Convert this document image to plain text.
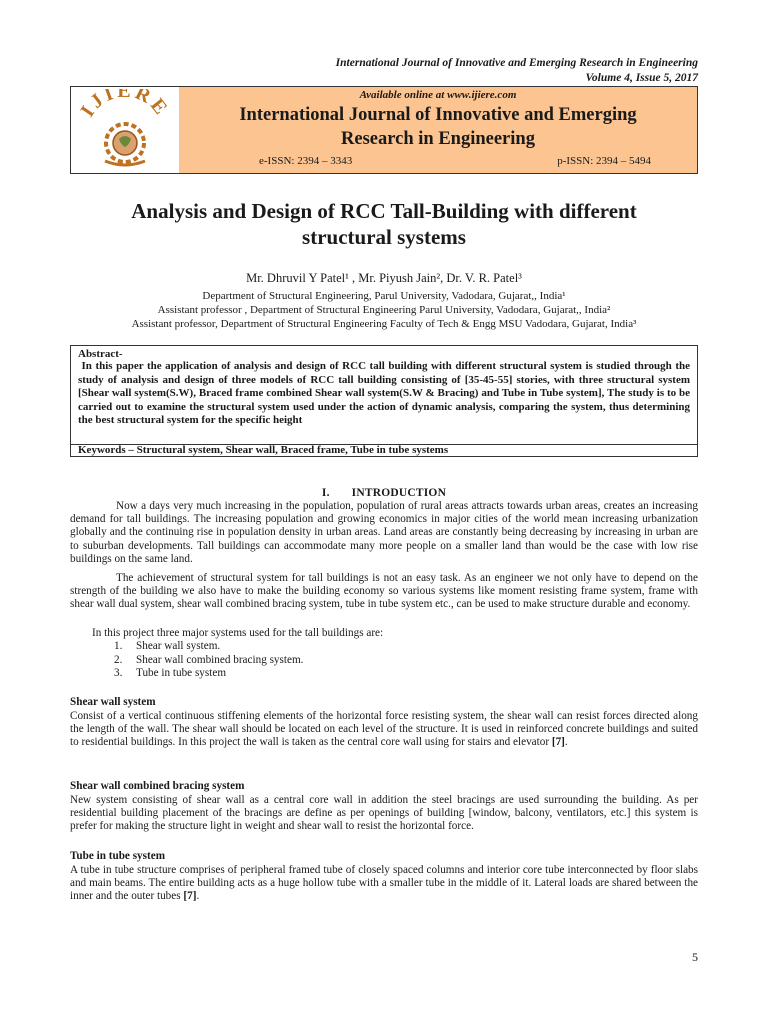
International Journal of Innovative and Emerging Research in Engineering
Volume 4, Issue 5, 2017
IJIERE	Available online at www.ijiere.com
International Journal of Innovative and Emerging
Research in Engineering
e-ISSN: 2394 – 3343	p-ISSN: 2394 – 5494
Analysis and Design of RCC Tall-Building with different
structural systems
Mr. Dhruvil Y Patel¹ , Mr. Piyush Jain², Dr. V. R. Patel³
Department of Structural Engineering, Parul University, Vadodara, Gujarat,, India¹
Assistant professor , Department of Structural Engineering Parul University, Vadodara, Gujarat,, India²
Assistant professor, Department of Structural Engineering Faculty of Tech & Engg MSU Vadodara, Gujarat, India³
Abstract-
In this paper the application of analysis and design of RCC tall building with different structural system is studied through the study of analysis and design of three models of RCC tall building consisting of [35-45-55] stories, with three structural system [Shear wall system(S.W), Braced frame combined Shear wall system(S.W & Bracing) and Tube in Tube system], The study is to be carried out to examine the structural system used under the action of dynamic analysis, comparing the system, thus determining the best structural system for the specific height
Keywords – Structural system, Shear wall, Braced frame, Tube in tube systems
I. INTRODUCTION
Now a days very much increasing in the population, population of rural areas attracts towards urban areas, creates an increasing demand for tall buildings. The increasing population and growing economics in major cities of the world mean increasing urbanization globally and the continuing rise in population density in urban areas. Land areas are constantly being decreasing by increasing in urban are to suburban developments. Tall buildings can accommodate many more people on a smaller land than would be the case with low rise buildings on the same land.
The achievement of structural system for tall buildings is not an easy task. As an engineer we not only have to depend on the strength of the building we also have to make the building economy so various systems like moment resisting frame system, frame with shear wall dual system, shear wall combined bracing system, tube in tube system etc., can be used to make structure durable and economy.
In this project three major systems used for the tall buildings are:
1. Shear wall system.
2. Shear wall combined bracing system.
3. Tube in tube system
Shear wall system
Consist of a vertical continuous stiffening elements of the horizontal force resisting system, the shear wall can resist forces directed along the length of the wall. The shear wall should be located on each level of the structure. It is used in reinforced concrete buildings and suited to residential buildings. In this project the wall is taken as the central core wall using for stairs and elevator [7].
Shear wall combined bracing system
New system consisting of shear wall as a central core wall in addition the steel bracings are used surrounding the building. As per residential building placement of the bracings are define as per openings of building [window, balcony, ventilators, etc.] this system is prefer for making the structure light in weight and shear wall to resist the horizontal force.
Tube in tube system
A tube in tube structure comprises of peripheral framed tube of closely spaced columns and interior core tube interconnected by floor slabs and main beams. The entire building acts as a huge hollow tube with a smaller tube in the middle of it. Lateral loads are shared between the inner and the outer tubes [7].
5
